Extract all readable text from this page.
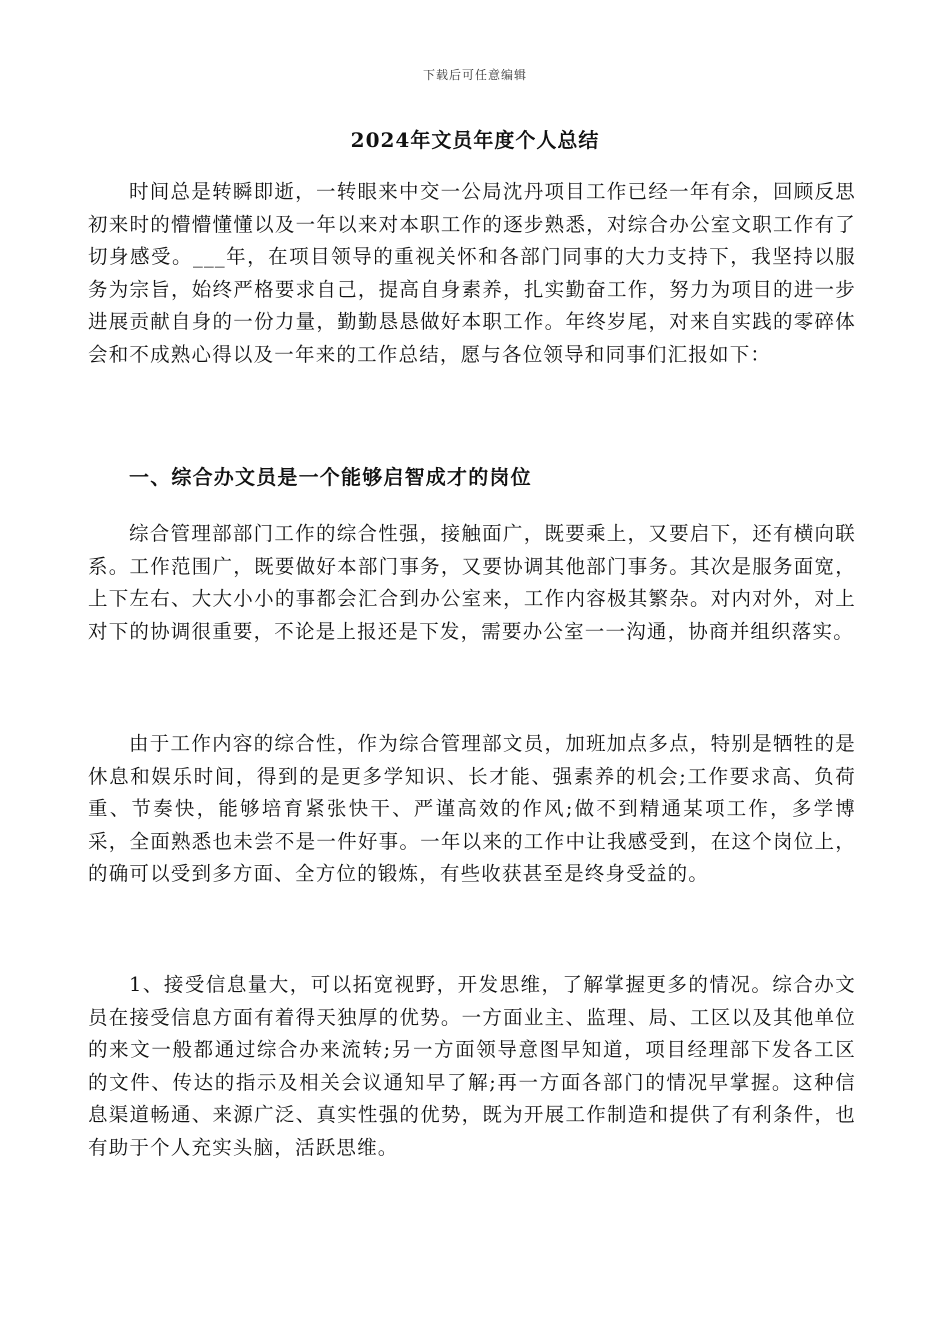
下载后可任意编辑
2024年文员年度个人总结

时间总是转瞬即逝，一转眼来中交一公局沈丹项目工作已经一年有余，回顾反思初来时的懵懵懂懂以及一年以来对本职工作的逐步熟悉，对综合办公室文职工作有了切身感受。___年，在项目领导的重视关怀和各部门同事的大力支持下，我坚持以服务为宗旨，始终严格要求自己，提高自身素养，扎实勤奋工作，努力为项目的进一步进展贡献自身的一份力量，勤勤恳恳做好本职工作。年终岁尾，对来自实践的零碎体会和不成熟心得以及一年来的工作总结，愿与各位领导和同事们汇报如下：

一、综合办文员是一个能够启智成才的岗位

综合管理部部门工作的综合性强，接触面广，既要乘上，又要启下，还有横向联系。工作范围广，既要做好本部门事务，又要协调其他部门事务。其次是服务面宽，上下左右、大大小小的事都会汇合到办公室来，工作内容极其繁杂。对内对外，对上对下的协调很重要，不论是上报还是下发，需要办公室一一沟通，协商并组织落实。

由于工作内容的综合性，作为综合管理部文员，加班加点多点，特别是牺牲的是休息和娱乐时间，得到的是更多学知识、长才能、强素养的机会;工作要求高、负荷重、节奏快，能够培育紧张快干、严谨高效的作风;做不到精通某项工作，多学博采，全面熟悉也未尝不是一件好事。一年以来的工作中让我感受到，在这个岗位上，的确可以受到多方面、全方位的锻炼，有些收获甚至是终身受益的。

1、接受信息量大，可以拓宽视野，开发思维，了解掌握更多的情况。综合办文员在接受信息方面有着得天独厚的优势。一方面业主、监理、局、工区以及其他单位的来文一般都通过综合办来流转;另一方面领导意图早知道，项目经理部下发各工区的文件、传达的指示及相关会议通知早了解;再一方面各部门的情况早掌握。这种信息渠道畅通、来源广泛、真实性强的优势，既为开展工作制造和提供了有利条件，也有助于个人充实头脑，活跃思维。
